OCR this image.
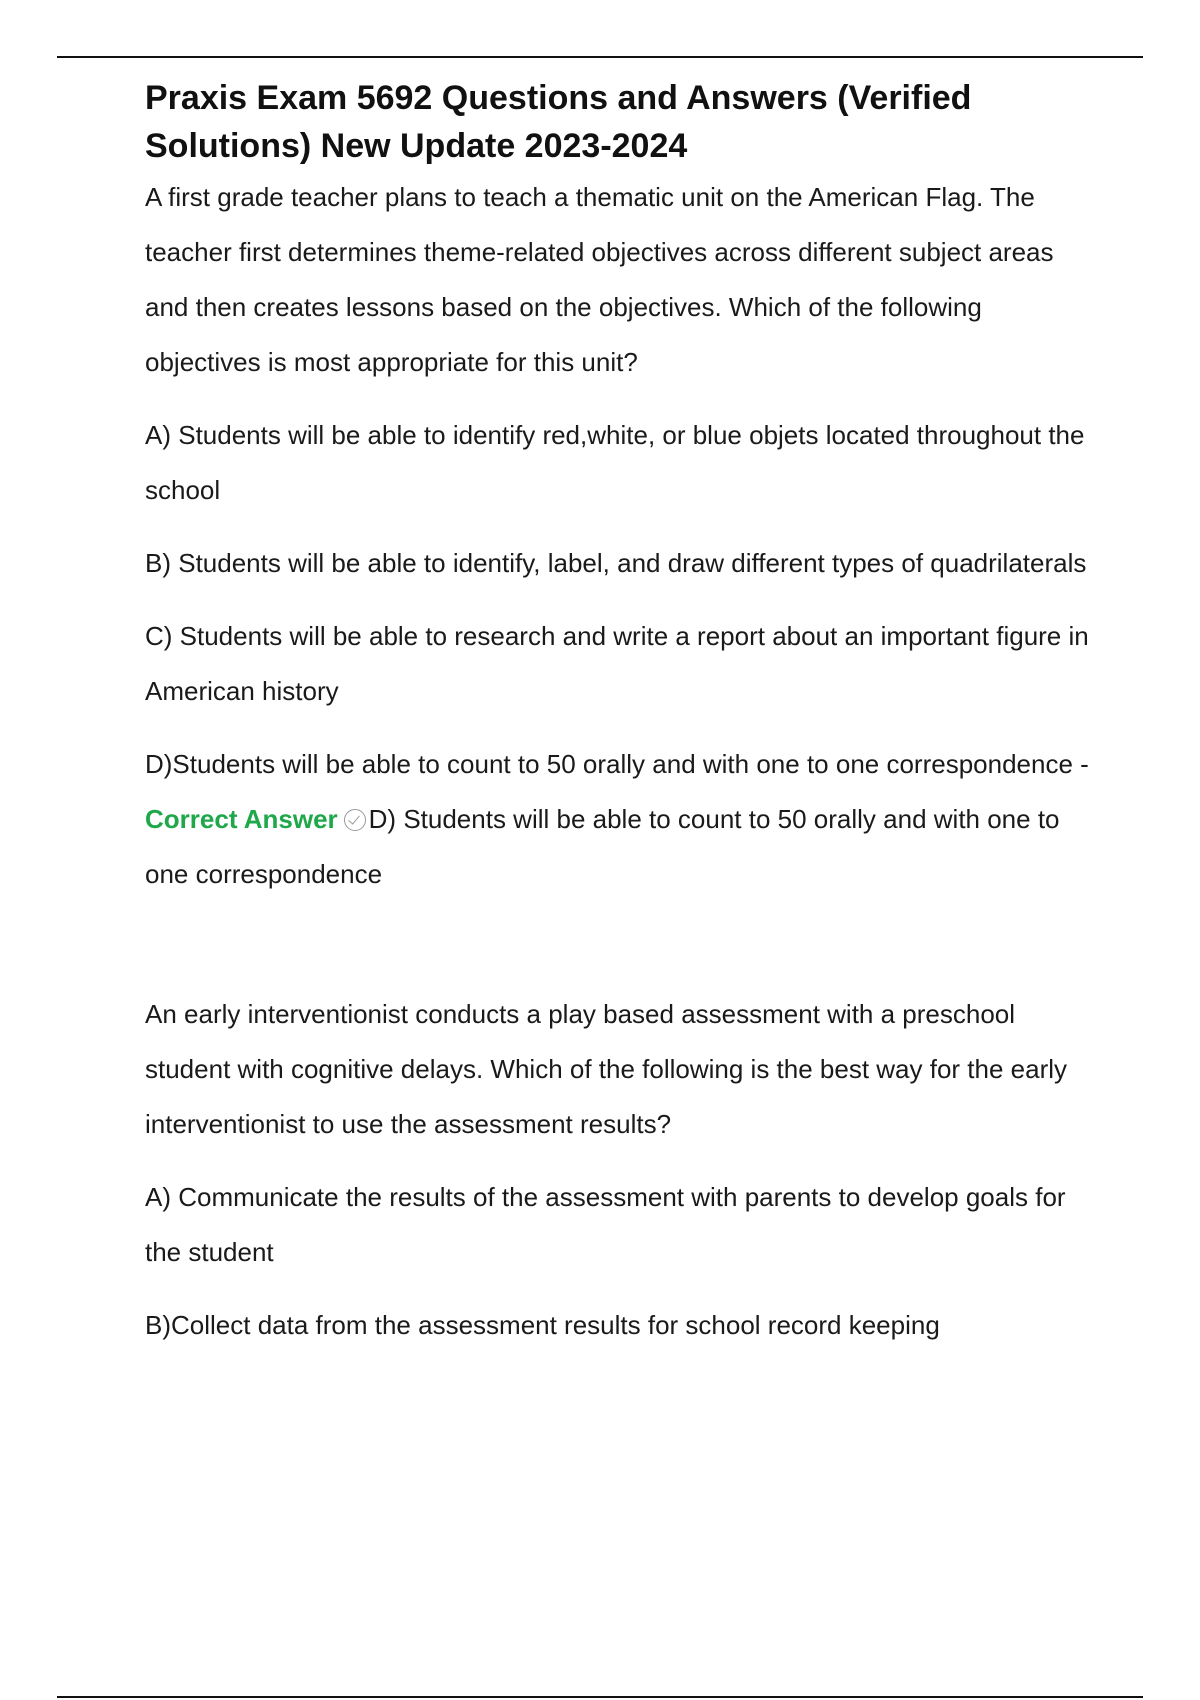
Praxis Exam 5692 Questions and Answers (Verified Solutions) New Update 2023-2024

A first grade teacher plans to teach a thematic unit on the American Flag. The teacher first determines theme-related objectives across different subject areas and then creates lessons based on the objectives. Which of the following objectives is most appropriate for this unit?

A) Students will be able to identify red,white, or blue objets located throughout the school

B) Students will be able to identify, label, and draw different types of quadrilaterals

C) Students will be able to research and write a report about an important figure in American history

D)Students will be able to count to 50 orally and with one to one correspondence - Correct Answer D) Students will be able to count to 50 orally and with one to one correspondence

An early interventionist conducts a play based assessment with a preschool student with cognitive delays. Which of the following is the best way for the early interventionist to use the assessment results?

A) Communicate the results of the assessment with parents to develop goals for the student

B)Collect data from the assessment results for school record keeping
